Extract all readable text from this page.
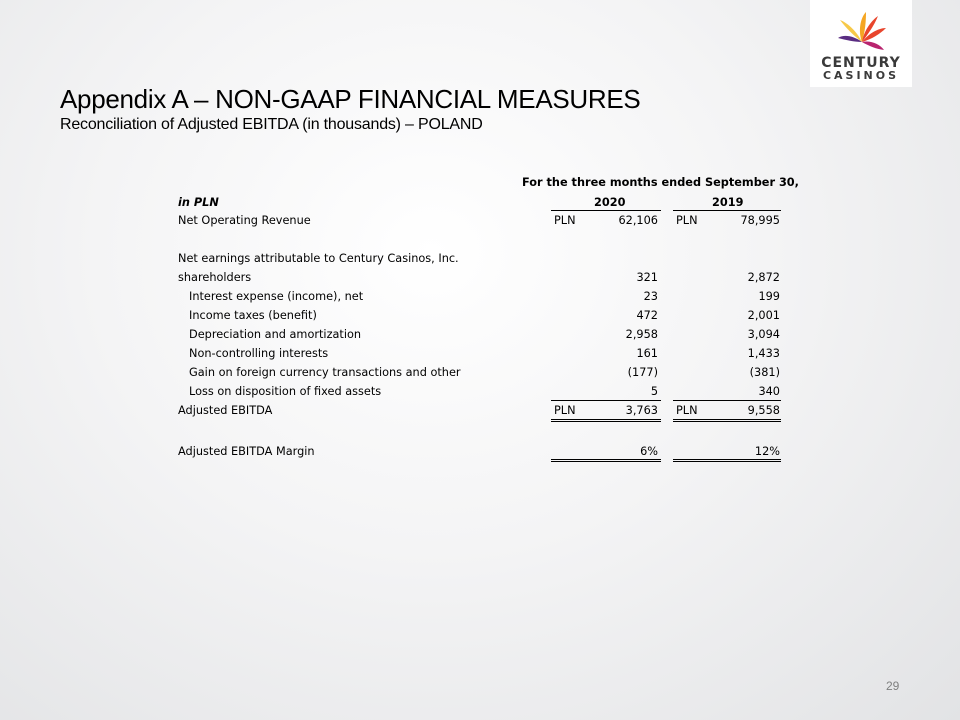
CENTURY
CASINOS
Appendix A – NON-GAAP FINANCIAL MEASURES
Reconciliation of Adjusted EBITDA (in thousands) – POLAND
For the three months ended September 30,
in PLN	2020	2019
Net Operating Revenue	PLN	62,106 PLN	78,995
Net earnings attributable to Century Casinos, Inc.
shareholders	321	2,872
Interest expense (income), net	23	199
Income taxes (benefit)	472	2,001
Depreciation and amortization	2,958	3,094
Non-controlling interests	161	1,433
Gain on foreign currency transactions and other	(177)	(381)
Loss on disposition of fixed assets	5	340
Adjusted EBITDA	PLN	3,763 PLN	9,558
Adjusted EBITDA Margin	6%	12%
29
